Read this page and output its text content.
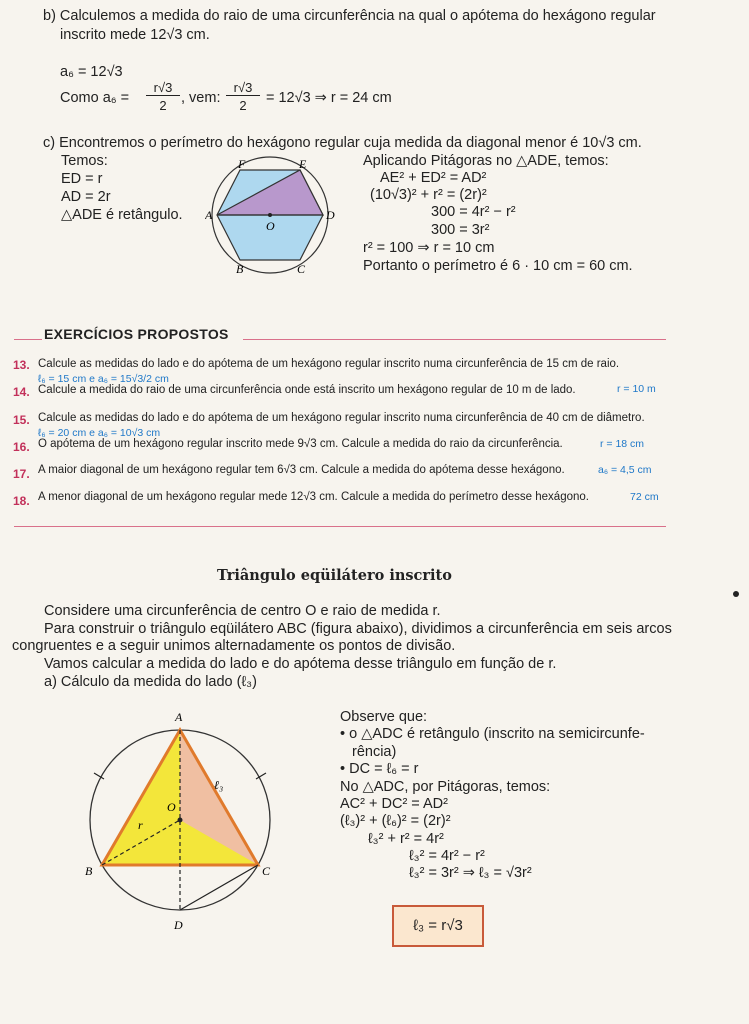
b) Calculemos a medida do raio de uma circunferência na qual o apótema do hexágono regular
inscrito mede 12√3 cm.
a₆ = 12√3
Como a₆ =
r√3
2 , vem:
r√3
2	= 12√3 ⇒ r = 24 cm
c) Encontremos o perímetro do hexágono regular cuja medida da diagonal menor é 10√3 cm.
Temos:
ED = r
AD = 2r
△ADE é retângulo.
F	E
A	D
O
B	C
Aplicando Pitágoras no △ADE, temos:
AE² + ED² = AD²
(10√3)² + r² = (2r)²
300 = 4r² − r²
300 = 3r²
r² = 100 ⇒ r = 10 cm
Portanto o perímetro é 6 · 10 cm = 60 cm.
EXERCÍCIOS PROPOSTOS
13. Calcule as medidas do lado e do apótema de um hexágono regular inscrito numa circunferência de 15 cm de raio.
ℓ₆ = 15 cm e a₆ = 15√3/2 cm
14. Calcule a medida do raio de uma circunferência onde está inscrito um hexágono regular de 10 m de lado.	r = 10 m
15. Calcule as medidas do lado e do apótema de um hexágono regular inscrito numa circunferência de 40 cm de diâmetro.
ℓ₆ = 20 cm e a₆ = 10√3 cm
16. O apótema de um hexágono regular inscrito mede 9√3 cm. Calcule a medida do raio da circunferência.	r = 18 cm
17. A maior diagonal de um hexágono regular tem 6√3 cm. Calcule a medida do apótema desse hexágono.	a₆ = 4,5 cm
18. A menor diagonal de um hexágono regular mede 12√3 cm. Calcule a medida do perímetro desse hexágono.	72 cm
Triângulo eqüilátero inscrito
Considere uma circunferência de centro O e raio de medida r.
Para construir o triângulo eqüilátero ABC (figura abaixo), dividimos a circunferência em seis arcos
congruentes e a seguir unimos alternadamente os pontos de divisão.
Vamos calcular a medida do lado e do apótema desse triângulo em função de r.
a) Cálculo da medida do lado (ℓ₃)
A
B	C
D
O
r
ℓ₃
Observe que:
• o △ADC é retângulo (inscrito na semicircunfe-
rência)
• DC = ℓ₆ = r
No △ADC, por Pitágoras, temos:
AC² + DC² = AD²
(ℓ₃)² + (ℓ₆)² = (2r)²
ℓ₃² + r² = 4r²
ℓ₃² = 4r² − r²
ℓ₃² = 3r² ⇒ ℓ₃ = √3r²
ℓ₃ = r√3
